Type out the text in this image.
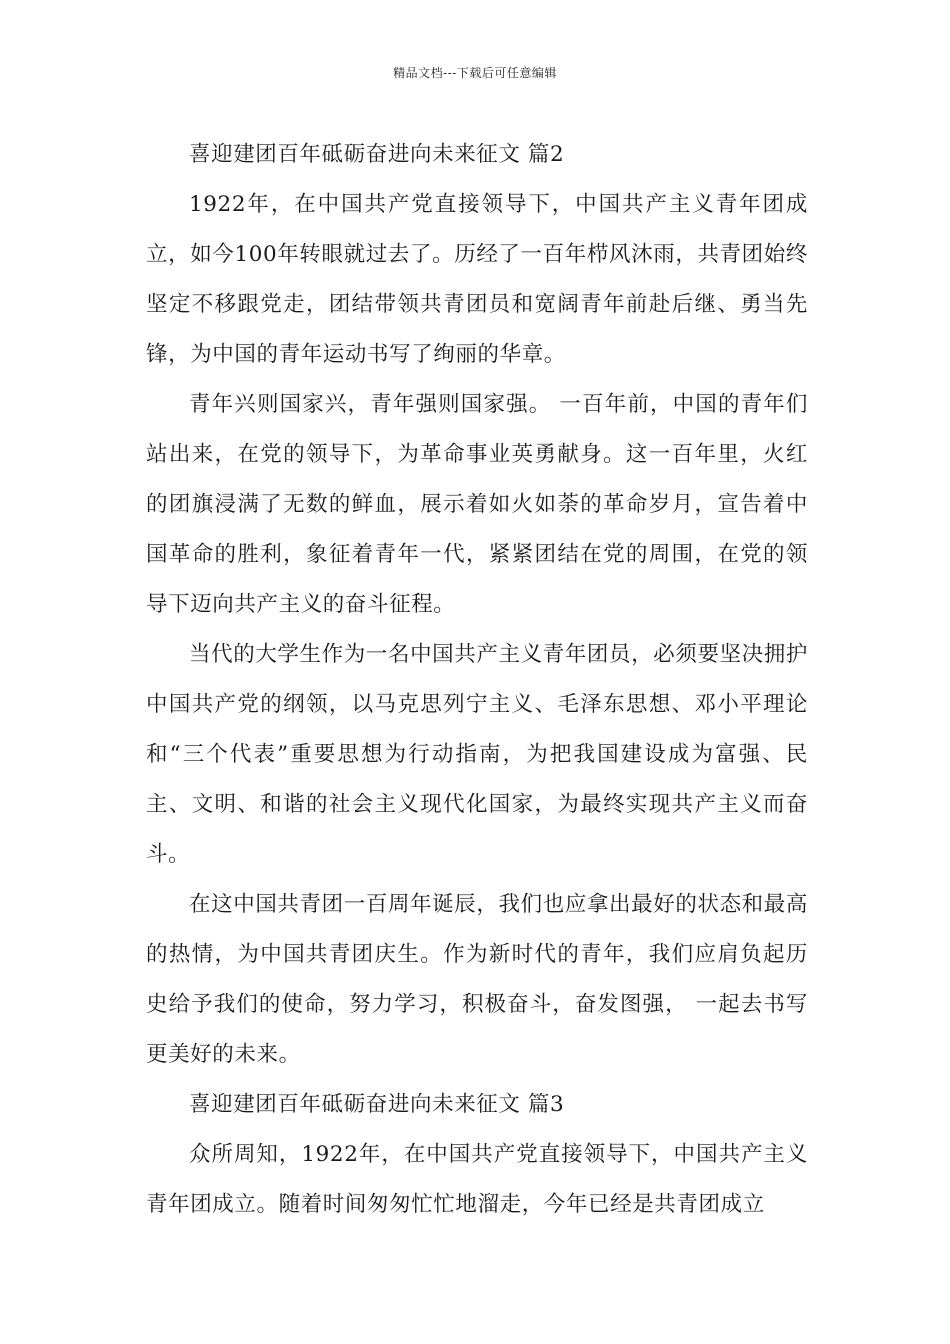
精品文档---下载后可任意编辑

喜迎建团百年砥砺奋进向未来征文 篇2

1922年，在中国共产党直接领导下，中国共产主义青年团成立，如今100年转眼就过去了。历经了一百年栉风沐雨，共青团始终坚定不移跟党走，团结带领共青团员和宽阔青年前赴后继、勇当先锋，为中国的青年运动书写了绚丽的华章。

青年兴则国家兴，青年强则国家强。 一百年前，中国的青年们站出来，在党的领导下，为革命事业英勇献身。这一百年里，火红的团旗浸满了无数的鲜血，展示着如火如荼的革命岁月，宣告着中国革命的胜利，象征着青年一代，紧紧团结在党的周围，在党的领导下迈向共产主义的奋斗征程。

当代的大学生作为一名中国共产主义青年团员，必须要坚决拥护中国共产党的纲领，以马克思列宁主义、毛泽东思想、邓小平理论和“三个代表”重要思想为行动指南，为把我国建设成为富强、民主、文明、和谐的社会主义现代化国家，为最终实现共产主义而奋斗。

在这中国共青团一百周年诞辰，我们也应拿出最好的状态和最高的热情，为中国共青团庆生。作为新时代的青年，我们应肩负起历史给予我们的使命，努力学习，积极奋斗，奋发图强， 一起去书写更美好的未来。

喜迎建团百年砥砺奋进向未来征文 篇3

众所周知，1922年，在中国共产党直接领导下，中国共产主义青年团成立。随着时间匆匆忙忙地溜走，今年已经是共青团成立
